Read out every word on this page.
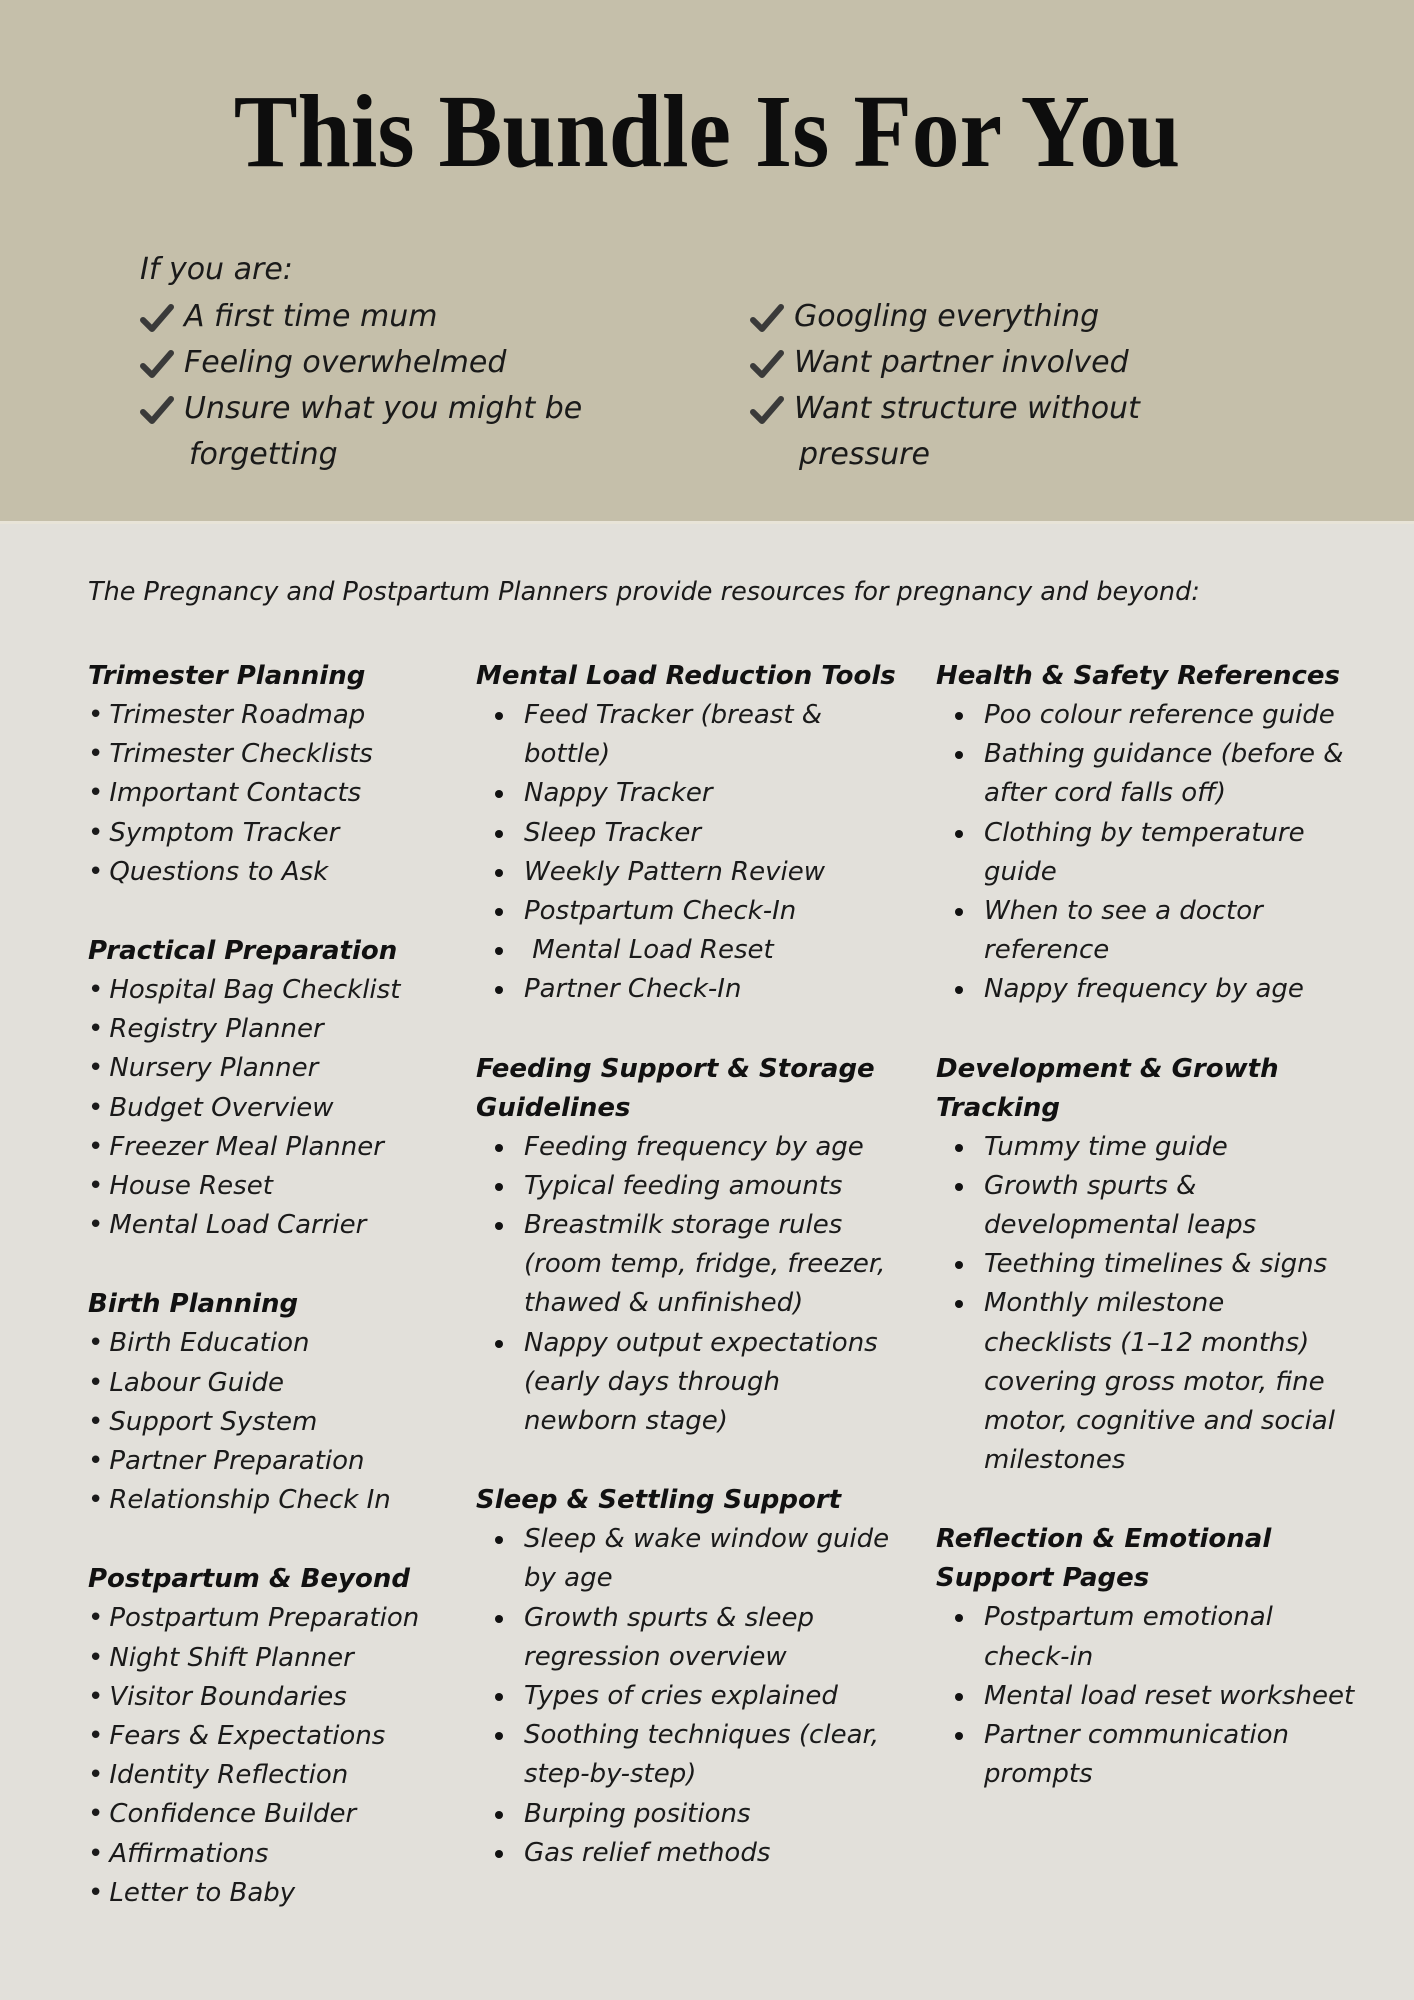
This Bundle Is For You
If you are:
A first time mum
Feeling overwhelmed
Unsure what you might be
forgetting
Googling everything
Want partner involved
Want structure without
pressure

The Pregnancy and Postpartum Planners provide resources for pregnancy and beyond:

Trimester Planning
• Trimester Roadmap
• Trimester Checklists
• Important Contacts
• Symptom Tracker
• Questions to Ask
Practical Preparation
• Hospital Bag Checklist
• Registry Planner
• Nursery Planner
• Budget Overview
• Freezer Meal Planner
• House Reset
• Mental Load Carrier
Birth Planning
• Birth Education
• Labour Guide
• Support System
• Partner Preparation
• Relationship Check In
Postpartum & Beyond
• Postpartum Preparation
• Night Shift Planner
• Visitor Boundaries
• Fears & Expectations
• Identity Reflection
• Confidence Builder
• Affirmations
• Letter to Baby
Mental Load Reduction Tools
Feed Tracker (breast & bottle)
Nappy Tracker
Sleep Tracker
Weekly Pattern Review
Postpartum Check-In
Mental Load Reset
Partner Check-In
Feeding Support & Storage Guidelines
Feeding frequency by age
Typical feeding amounts
Breastmilk storage rules (room temp, fridge, freezer, thawed & unfinished)
Nappy output expectations (early days through newborn stage)
Sleep & Settling Support
Sleep & wake window guide by age
Growth spurts & sleep regression overview
Types of cries explained
Soothing techniques (clear, step-by-step)
Burping positions
Gas relief methods
Health & Safety References
Poo colour reference guide
Bathing guidance (before & after cord falls off)
Clothing by temperature guide
When to see a doctor reference
Nappy frequency by age
Development & Growth Tracking
Tummy time guide
Growth spurts & developmental leaps
Teething timelines & signs
Monthly milestone checklists (1–12 months) covering gross motor, fine motor, cognitive and social milestones
Reflection & Emotional Support Pages
Postpartum emotional check-in
Mental load reset worksheet
Partner communication prompts
